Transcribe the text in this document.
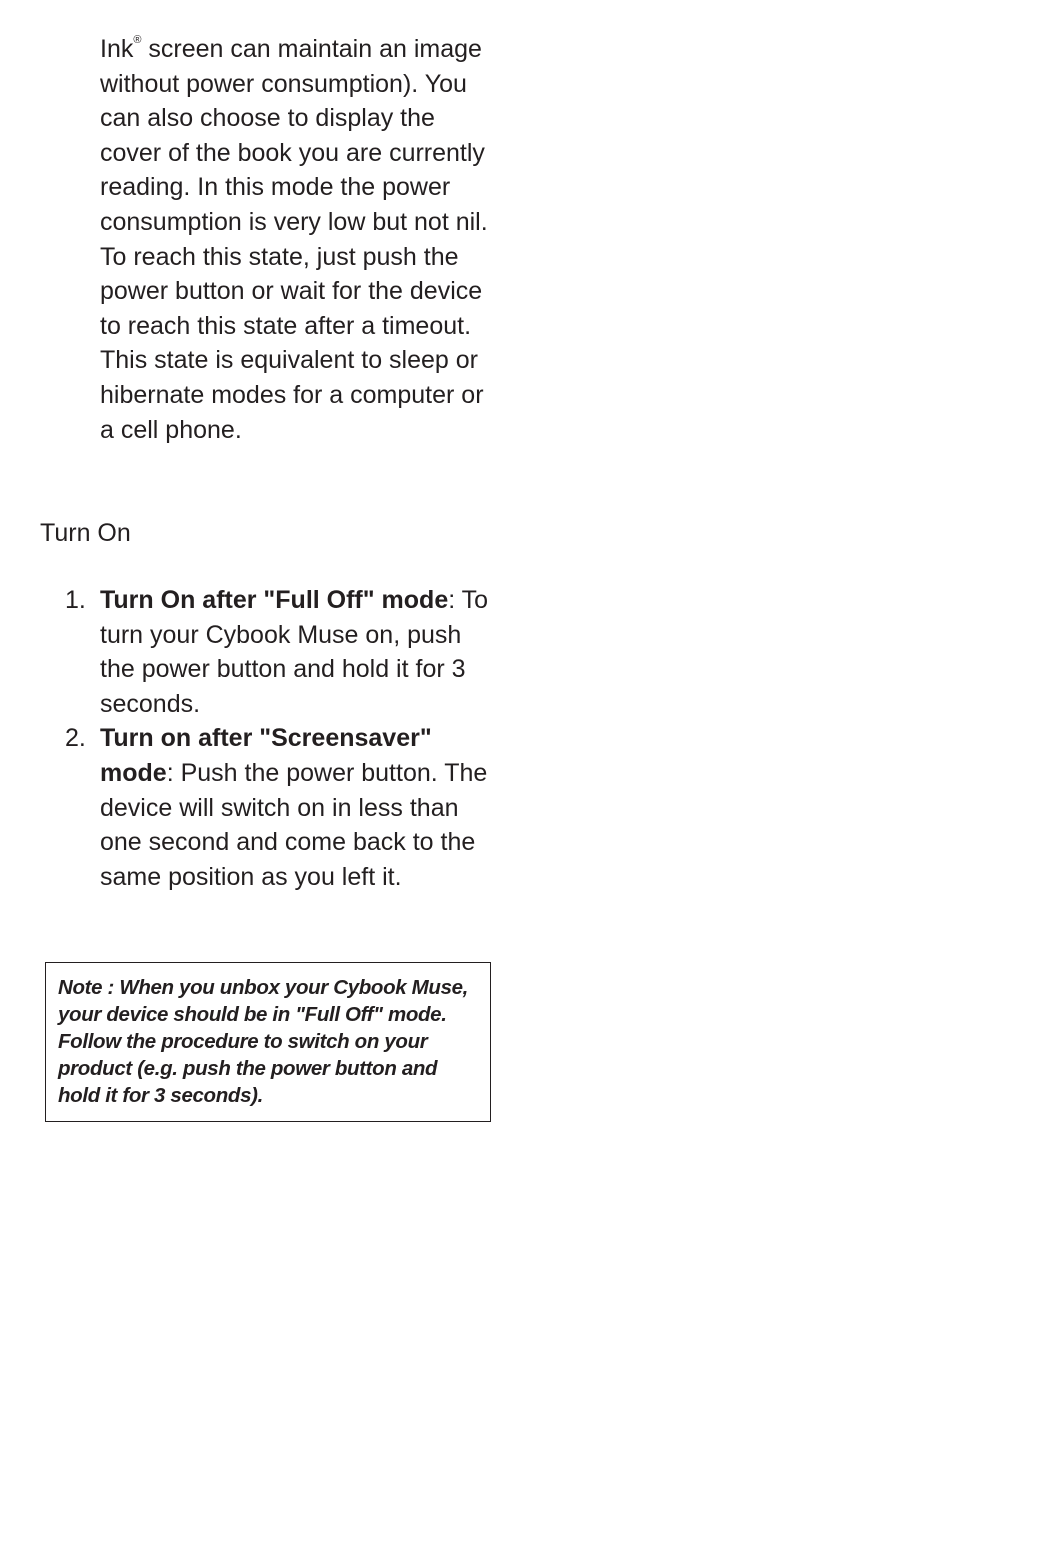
Ink® screen can maintain an image without power consumption). You can also choose to display the cover of the book you are currently reading. In this mode the power consumption is very low but not nil. To reach this state, just push the power button or wait for the device to reach this state after a timeout. This state is equivalent to sleep or hibernate modes for a computer or a cell phone.

Turn On
1. Turn On after "Full Off" mode: To turn your Cybook Muse on, push the power button and hold it for 3 seconds.
2. Turn on after "Screensaver" mode: Push the power button. The device will switch on in less than one second and come back to the same position as you left it.

Note : When you unbox your Cybook Muse, your device should be in "Full Off" mode. Follow the procedure to switch on your product (e.g. push the power button and hold it for 3 seconds).
